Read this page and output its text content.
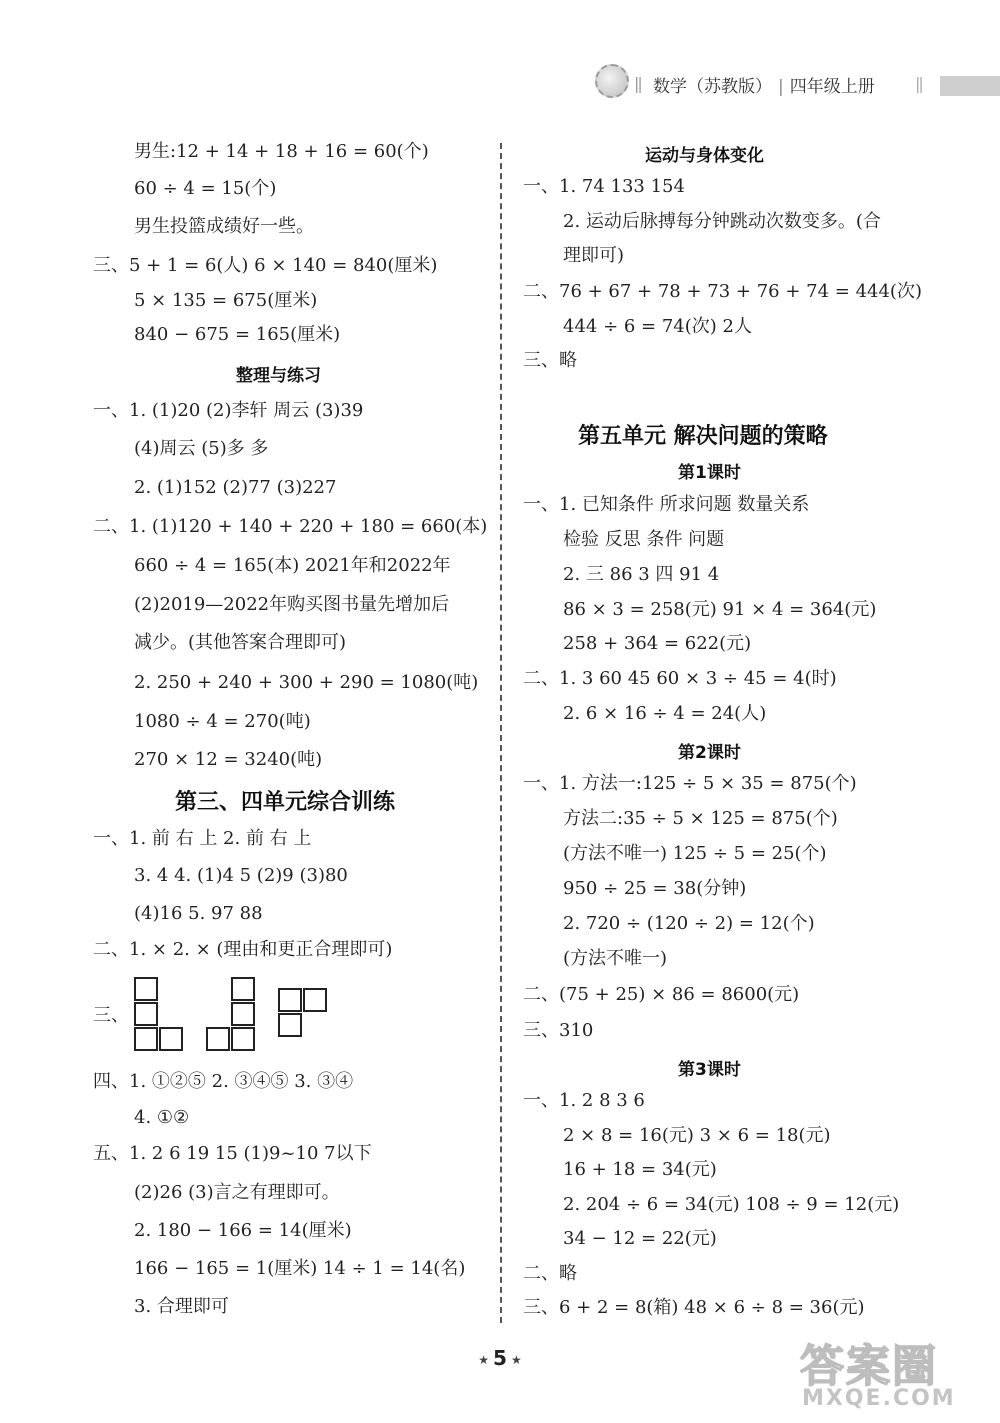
|| 数学（苏教版） | 四年级上册	||
男生:12 + 14 + 18 + 16 = 60(个)
60 ÷ 4 = 15(个)
男生投篮成绩好一些。
三、5 + 1 = 6(人) 6 × 140 = 840(厘米)
5 × 135 = 675(厘米)
840 − 675 = 165(厘米)
整理与练习
一、1. (1)20 (2)李轩 周云 (3)39
(4)周云 (5)多 多
2. (1)152 (2)77 (3)227
二、1. (1)120 + 140 + 220 + 180 = 660(本)
660 ÷ 4 = 165(本) 2021年和2022年
(2)2019—2022年购买图书量先增加后
减少。(其他答案合理即可)
2. 250 + 240 + 300 + 290 = 1080(吨)
1080 ÷ 4 = 270(吨)
270 × 12 = 3240(吨)
第三、四单元综合训练
一、1. 前 右 上 2. 前 右 上
3. 4 4. (1)4 5 (2)9 (3)80
(4)16 5. 97 88
二、1. × 2. × (理由和更正合理即可)
三、
四、1. ①②⑤ 2. ③④⑤ 3. ③④
4. ①②
五、1. 2 6 19 15 (1)9~10 7以下
(2)26 (3)言之有理即可。
2. 180 − 166 = 14(厘米)
166 − 165 = 1(厘米) 14 ÷ 1 = 14(名)
3. 合理即可
运动与身体变化
一、1. 74 133 154
2. 运动后脉搏每分钟跳动次数变多。(合
理即可)
二、76 + 67 + 78 + 73 + 76 + 74 = 444(次)
444 ÷ 6 = 74(次) 2人
三、略
第五单元 解决问题的策略
第1课时
一、1. 已知条件 所求问题 数量关系
检验 反思 条件 问题
2. 三 86 3 四 91 4
86 × 3 = 258(元) 91 × 4 = 364(元)
258 + 364 = 622(元)
二、1. 3 60 45 60 × 3 ÷ 45 = 4(时)
2. 6 × 16 ÷ 4 = 24(人)
第2课时
一、1. 方法一:125 ÷ 5 × 35 = 875(个)
方法二:35 ÷ 5 × 125 = 875(个)
(方法不唯一) 125 ÷ 5 = 25(个)
950 ÷ 25 = 38(分钟)
2. 720 ÷ (120 ÷ 2) = 12(个)
(方法不唯一)
二、(75 + 25) × 86 = 8600(元)
三、310
第3课时
一、1. 2 8 3 6
2 × 8 = 16(元) 3 × 6 = 18(元)
16 + 18 = 34(元)
2. 204 ÷ 6 = 34(元) 108 ÷ 9 = 12(元)
34 − 12 = 22(元)
二、略
三、6 + 2 = 8(箱) 48 × 6 ÷ 8 = 36(元)
★ 5 ★	答案圈
MXQE.COM
